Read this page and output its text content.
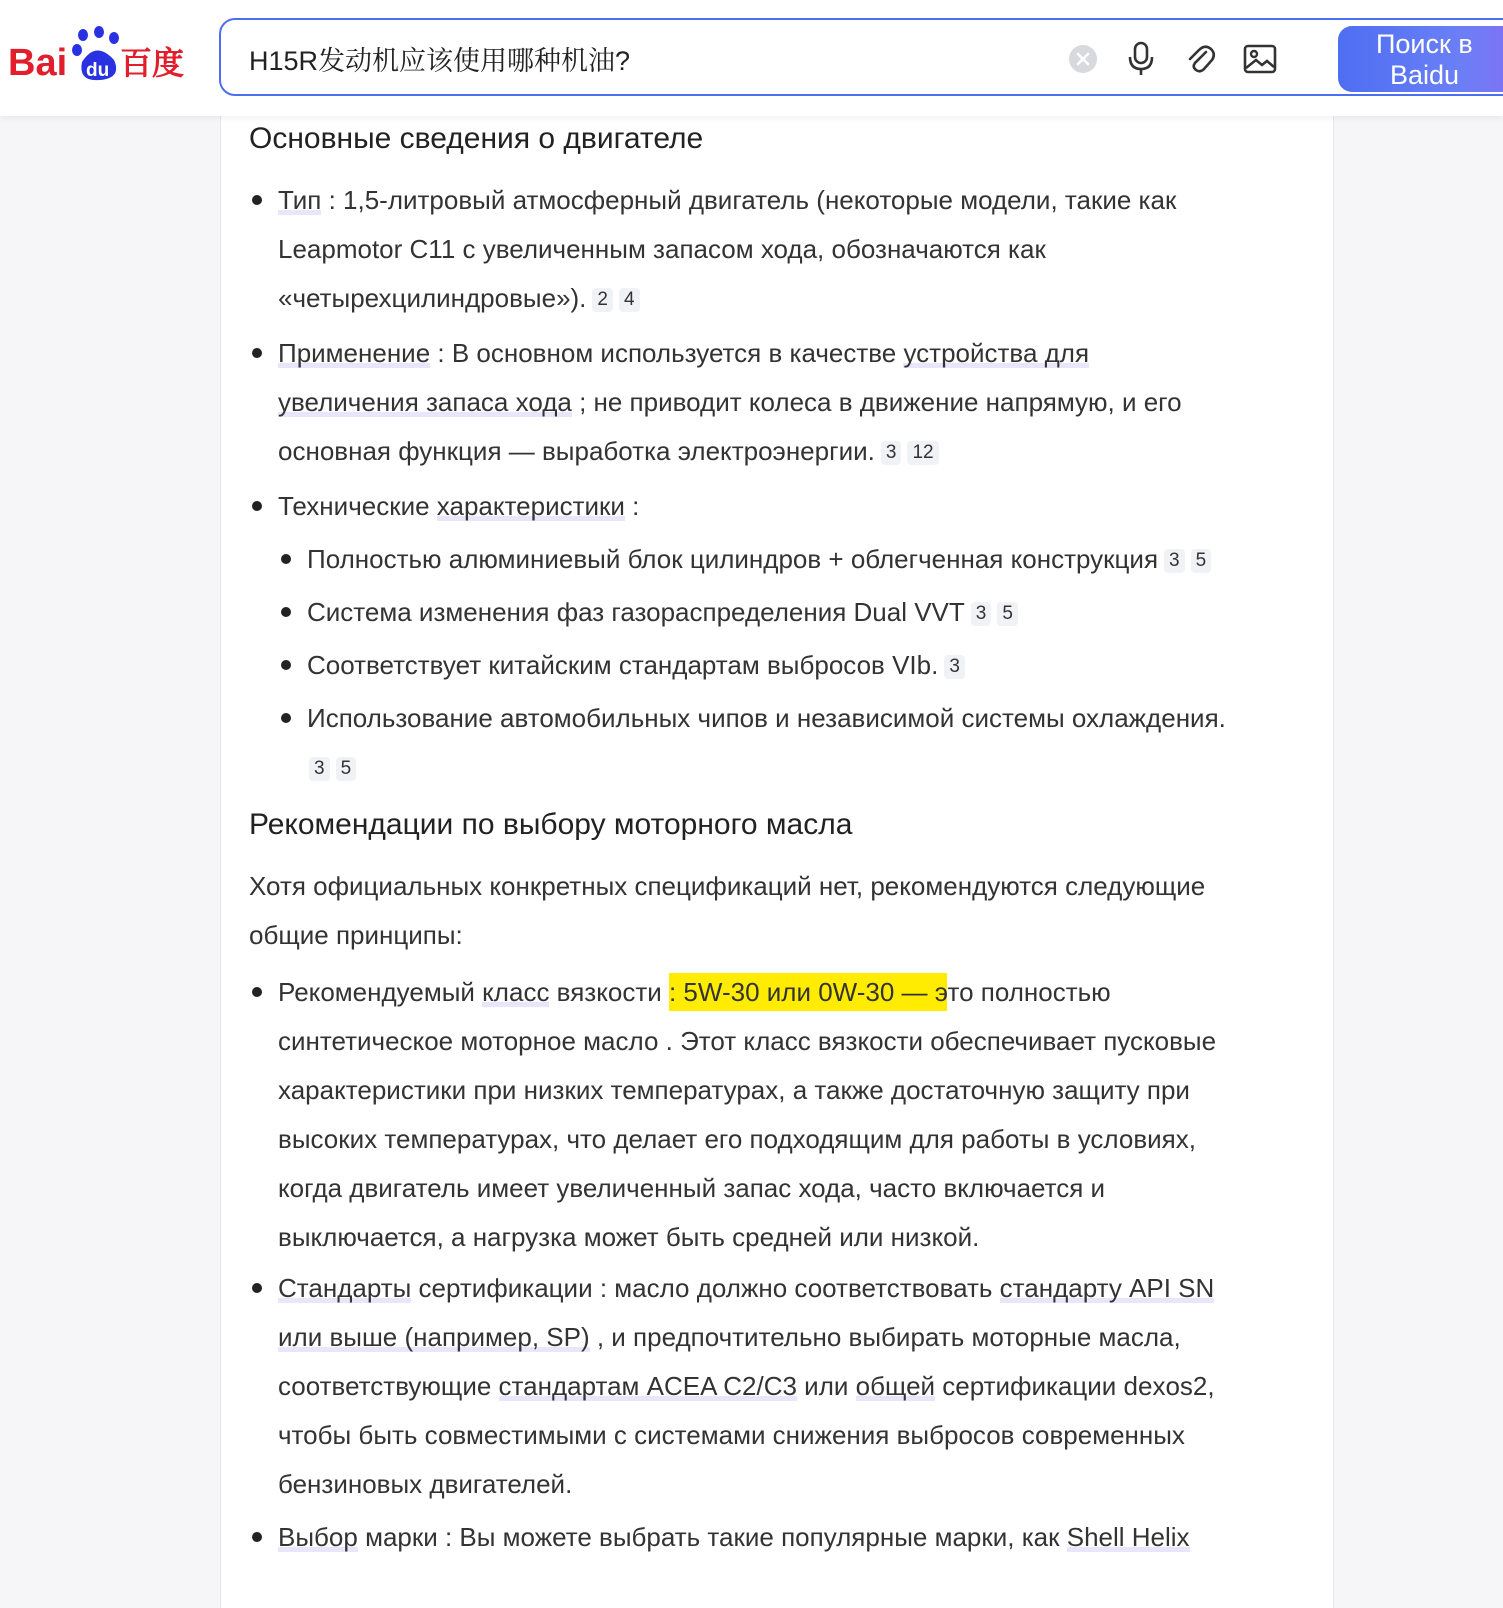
Bai du 百度
H15R发动机应该使用哪种机油?	Поиск в
Baidu
Основные сведения о двигателе
Тип : 1,5-литровый атмосферный двигатель (некоторые модели, такие как
Leapmotor C11 с увеличенным запасом хода, обозначаются как
«четырехцилиндровые»). 2 4
Применение : В основном используется в качестве устройства для
увеличения запаса хода ; не приводит колеса в движение напрямую, и его
основная функция — выработка электроэнергии. 3 12
Технические характеристики :
Полностью алюминиевый блок цилиндров + облегченная конструкция 3 5
Система изменения фаз газораспределения Dual VVT 3 5
Соответствует китайским стандартам выбросов VIb. 3
Использование автомобильных чипов и независимой системы охлаждения.
3 5
Рекомендации по выбору моторного масла
Хотя официальных конкретных спецификаций нет, рекомендуются следующие
общие принципы:
Рекомендуемый класс вязкости : 5W-30 или 0W-30 — это полностью
синтетическое моторное масло . Этот класс вязкости обеспечивает пусковые
характеристики при низких температурах, а также достаточную защиту при
высоких температурах, что делает его подходящим для работы в условиях,
когда двигатель имеет увеличенный запас хода, часто включается и
выключается, а нагрузка может быть средней или низкой.
Стандарты сертификации : масло должно соответствовать стандарту API SN
или выше (например, SP) , и предпочтительно выбирать моторные масла,
соответствующие стандартам ACEA C2/C3 или общей сертификации dexos2,
чтобы быть совместимыми с системами снижения выбросов современных
бензиновых двигателей.
Выбор марки : Вы можете выбрать такие популярные марки, как Shell Helix
